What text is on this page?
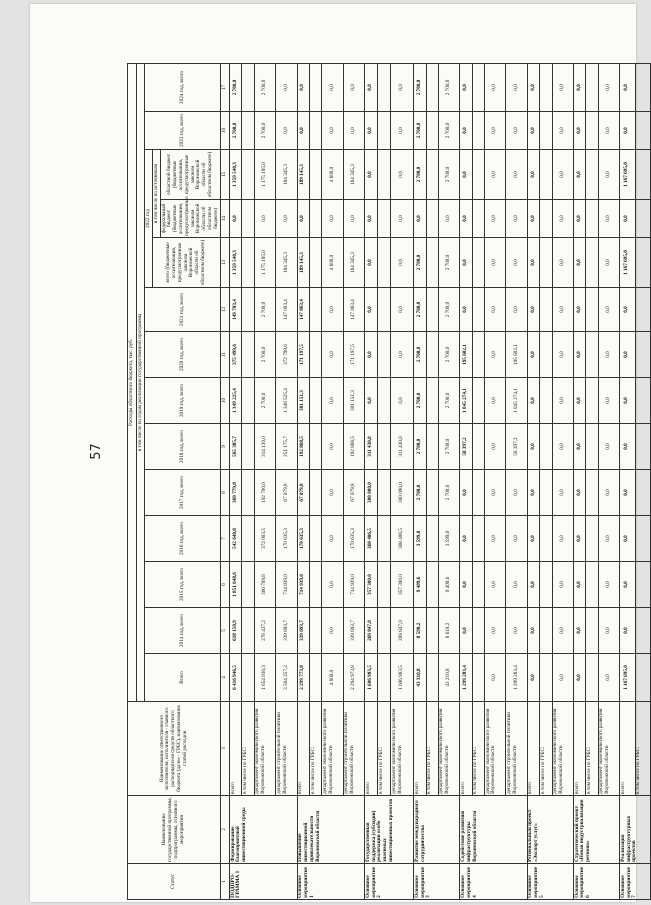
57
Статус	Наименование государственной программы, подпрограммы, основного мероприятия	Наименование ответственного исполнителя, исполнителя - главного распорядителя средств областного бюджета (далее - ГРБС), наименование статей расходов	Расходы областного бюджета, тыс. руб.													
			в том числе по годам реализации государственной программы													
			Всего	2014 год, всего	2015 год, всего	2016 год, всего	2017 год, всего	2018 год, всего	2019 год, всего	2020 год, всего	2021 год, всего	2022 год			2023 год, всего	2024 год, всего
												всего (бюджетные ассигнования, предусмотренные законом Воронежской области об областном бюджете)	в том числе по источникам			
													федеральный бюджет (бюджетные ассигнования, предусмотренные законом Воронежской области об областном бюджете)	областной бюджет (бюджетные ассигнования, предусмотренные законом Воронежской области об областном бюджете)		
1	2	3	4	5	6	7	8	9	10	11	12	13	14	15	16	17
ПОДПРО-ГРАММА 1	Формирование благоприятной инвестиционной среды	всего	6 416 946,5	618 150,9	1 851 648,6	542 640,8	369 779,8	565 385,7	1 349 225,4	375 499,6	149 703,4	1 359 540,3	0,0	1 359 540,3	2 700,0	2 700,0
		в том числе по ГРБС:														
		департамент экономического развития Воронежской области	1 654 936,3	278 437,2	366 709,8	372 003,5	102 700,0	314 130,0	2 700,0	2 700,0	2 700,0	1 175 195,0	0,0	1 175 195,0	2 700,0	2 700,0
		департамент строительной политики Воронежской области	3 564 257,2	339 693,7	714 939,0	170 635,3	67 079,8	251 175,7	1 346 525,4	372 799,6	147 003,4	184 345,3	0,0	184 345,3	0,0	0,0
Основное мероприятие 1	Повышение инвестиционной привлекательности Воронежской области	всего	2 299 773,8	339 693,7	714 939,0	170 635,3	67 079,8	192 868,5	301 151,3	171 197,5	147 863,4	189 145,3	0,0	189 145,3	0,0	0,0
		в том числе по ГРБС:														
		департамент экономического развития Воронежской области	4 800,0	0,0	0,0	0,0	0,0	0,0	0,0	0,0	0,0	4 800,0	0,0	4 800,0	0,0	0,0
		департамент строительной политики Воронежской области	2 294 973,8	339 693,7	714 939,0	170 635,3	67 079,8	192 868,5	301 151,3	171 197,5	147 063,4	184 345,3	0,0	184 345,3	0,0	0,0
Основное мероприятие 2	Государственная поддержка (субсидии) реализации особо значимых инвестиционных проектов	всего	1 606 983,5	269 847,0	357 300,0	368 406,5	300 000,0	311 430,0	0,0	0,0	0,0	0,0	0,0	0,0	0,0	0,0
		в том числе по ГРБС:														
		департамент экономического развития Воронежской области	1 606 983,5	269 847,0	357 300,0	368 406,5	300 000,0	311 430,0	0,0	0,0	0,0	0,0	0,0	0,0	0,0	0,0
Основное мероприятие 3	Развитие международного сотрудничества	всего	43 310,8	8 590,2	9 409,6	3 599,0	2 700,0	2 700,0	2 700,0	2 700,0	2 700,0	2 700,0	0,0	2 700,0	2 700,0	2 700,0
		в том числе по ГРБС:														
		департамент экономического развития Воронежской области	43 210,8	8 610,2	9 409,6	3 599,0	2 700,0	2 700,0	2 700,0	2 700,0	2 700,0	2 700,0	0,0	2 700,0	2 700,0	2 700,0
Основное мероприятие 4	Содействие развитию инфраструктуры Воронежской области	всего	1 299 283,4	0,0	0,0	0,0	0,0	58 397,2	1 045 274,1	195 602,1	0,0	0,0	0,0	0,0	0,0	0,0
		в том числе по ГРБС:														
		департамент экономического развития Воронежской области	0,0	0,0	0,0	0,0	0,0	0,0	0,0	0,0	0,0	0,0	0,0	0,0	0,0	0,0
		департамент строительной политики Воронежской области	1 299 283,4	0,0	0,0	0,0	0,0	58 397,2	1 045 274,1	195 602,1	0,0	0,0	0,0	0,0	0,0	0,0
Основное мероприятие 5	Региональный проект «Экспорт услуг»	всего	0,0	0,0	0,0	0,0	0,0	0,0	0,0	0,0	0,0	0,0	0,0	0,0	0,0	0,0
		в том числе по ГРБС:														
		департамент экономического развития Воронежской области	0,0	0,0	0,0	0,0	0,0	0,0	0,0	0,0	0,0	0,0	0,0	0,0	0,0	0,0
Основное мероприятие 6	Стратегический проект «Новая индустриализация региона»	всего	0,0	0,0	0,0	0,0	0,0	0,0	0,0	0,0	0,0	0,0	0,0	0,0	0,0	0,0
		в том числе по ГРБС:														
		департамент экономического развития Воронежской области	0,0	0,0	0,0	0,0	0,0	0,0	0,0	0,0	0,0	0,0	0,0	0,0	0,0	0,0
Основное мероприятие 7	Реализация инфраструктурных проектов	всего	1 167 695,0	0,0	0,0	0,0	0,0	0,0	0,0	0,0	0,0	1 167 695,0	0,0	1 167 695,0	0,0	0,0
		в том числе по ГРБС:														
